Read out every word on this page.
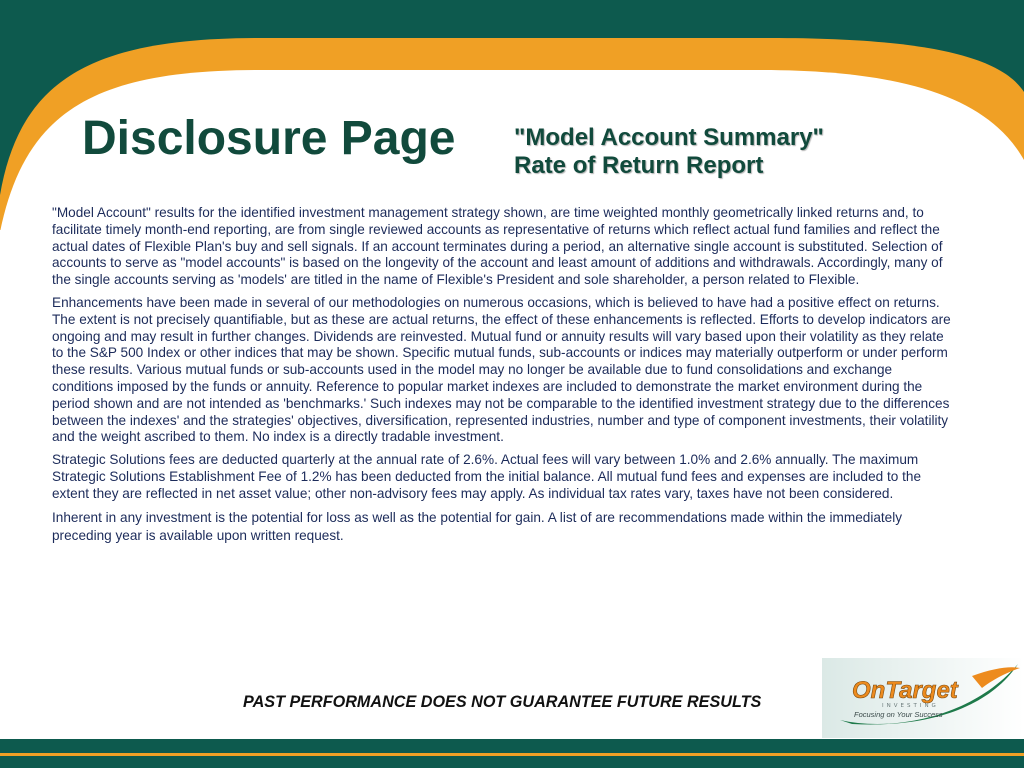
Disclosure Page "Model Account Summary"
Rate of Return Report

"Model Account" results for the identified investment management strategy shown, are time weighted monthly geometrically linked returns and, to facilitate timely month-end reporting, are from single reviewed accounts as representative of returns which reflect actual fund families and reflect the actual dates of Flexible Plan's buy and sell signals. If an account terminates during a period, an alternative single account is substituted. Selection of accounts to serve as "model accounts" is based on the longevity of the account and least amount of additions and withdrawals. Accordingly, many of the single accounts serving as 'models' are titled in the name of Flexible's President and sole shareholder, a person related to Flexible.

Enhancements have been made in several of our methodologies on numerous occasions, which is believed to have had a positive effect on returns. The extent is not precisely quantifiable, but as these are actual returns, the effect of these enhancements is reflected. Efforts to develop indicators are ongoing and may result in further changes. Dividends are reinvested. Mutual fund or annuity results will vary based upon their volatility as they relate to the S&P 500 Index or other indices that may be shown. Specific mutual funds, sub-accounts or indices may materially outperform or under perform these results. Various mutual funds or sub-accounts used in the model may no longer be available due to fund consolidations and exchange conditions imposed by the funds or annuity. Reference to popular market indexes are included to demonstrate the market environment during the period shown and are not intended as 'benchmarks.' Such indexes may not be comparable to the identified investment strategy due to the differences between the indexes' and the strategies' objectives, diversification, represented industries, number and type of component investments, their volatility and the weight ascribed to them. No index is a directly tradable investment.

Strategic Solutions fees are deducted quarterly at the annual rate of 2.6%. Actual fees will vary between 1.0% and 2.6% annually. The maximum Strategic Solutions Establishment Fee of 1.2% has been deducted from the initial balance. All mutual fund fees and expenses are included to the extent they are reflected in net asset value; other non-advisory fees may apply. As individual tax rates vary, taxes have not been considered.

Inherent in any investment is the potential for loss as well as the potential for gain. A list of are recommendations made within the immediately preceding year is available upon written request.

PAST PERFORMANCE DOES NOT GUARANTEE FUTURE RESULTS	OnTarget
INVESTING
Focusing on Your Success
